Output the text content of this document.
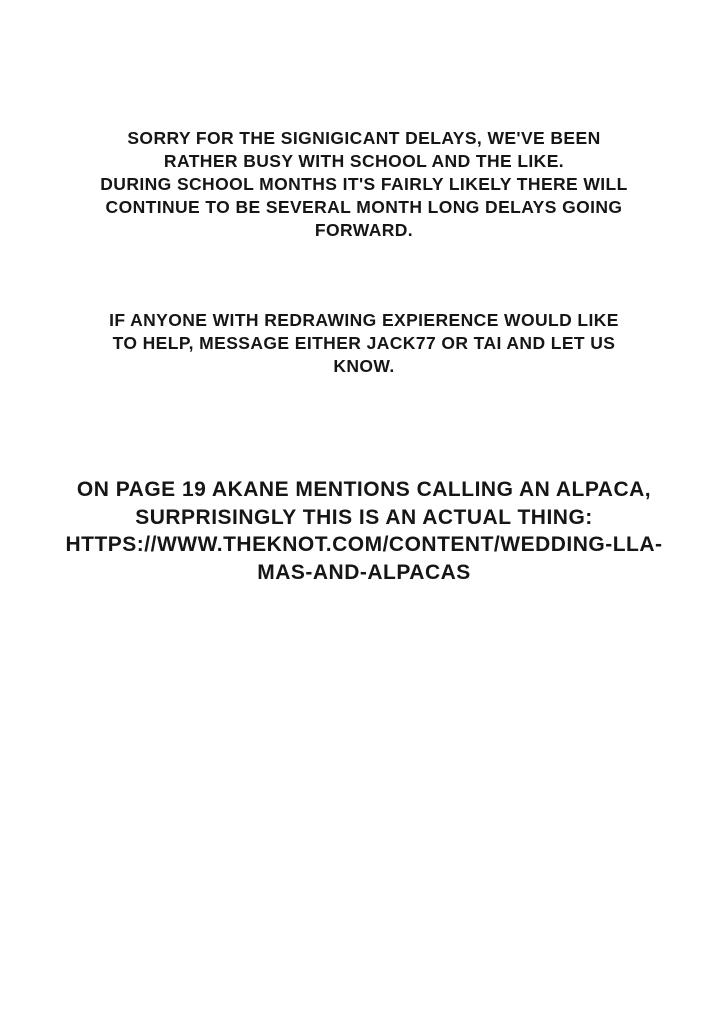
SORRY FOR THE SIGNIGICANT DELAYS, WE'VE BEEN
RATHER BUSY WITH SCHOOL AND THE LIKE.
DURING SCHOOL MONTHS IT'S FAIRLY LIKELY THERE WILL
CONTINUE TO BE SEVERAL MONTH LONG DELAYS GOING
FORWARD.
IF ANYONE WITH REDRAWING EXPIERENCE WOULD LIKE
TO HELP, MESSAGE EITHER JACK77 OR TAI AND LET US
KNOW.
ON PAGE 19 AKANE MENTIONS CALLING AN ALPACA,
SURPRISINGLY THIS IS AN ACTUAL THING:
HTTPS://WWW.THEKNOT.COM/CONTENT/WEDDING-LLA-
MAS-AND-ALPACAS
